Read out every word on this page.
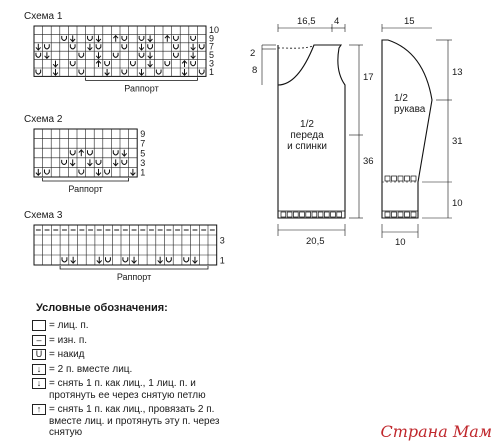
Схема 1
10
9
7
5
3
1
Раппорт
Схема 2
9
7
5
3
1
Раппорт
Схема 3
3
1
Раппорт
16,5 4
2
8
17
36
20,5
1/2 переда и спинки
15
13
31
10
10
1/2 рукава
Условные обозначения:
= лиц. п.
– = изн. п.
U = накид
↓ = 2 п. вместе лиц.
↓ = снять 1 п. как лиц., 1 лиц. п. и
протянуть ее через снятую петлю
↑ = снять 1 п. как лиц., провязать 2 п.
вместе лиц. и протянуть эту п. через
снятую	Страна Мам
